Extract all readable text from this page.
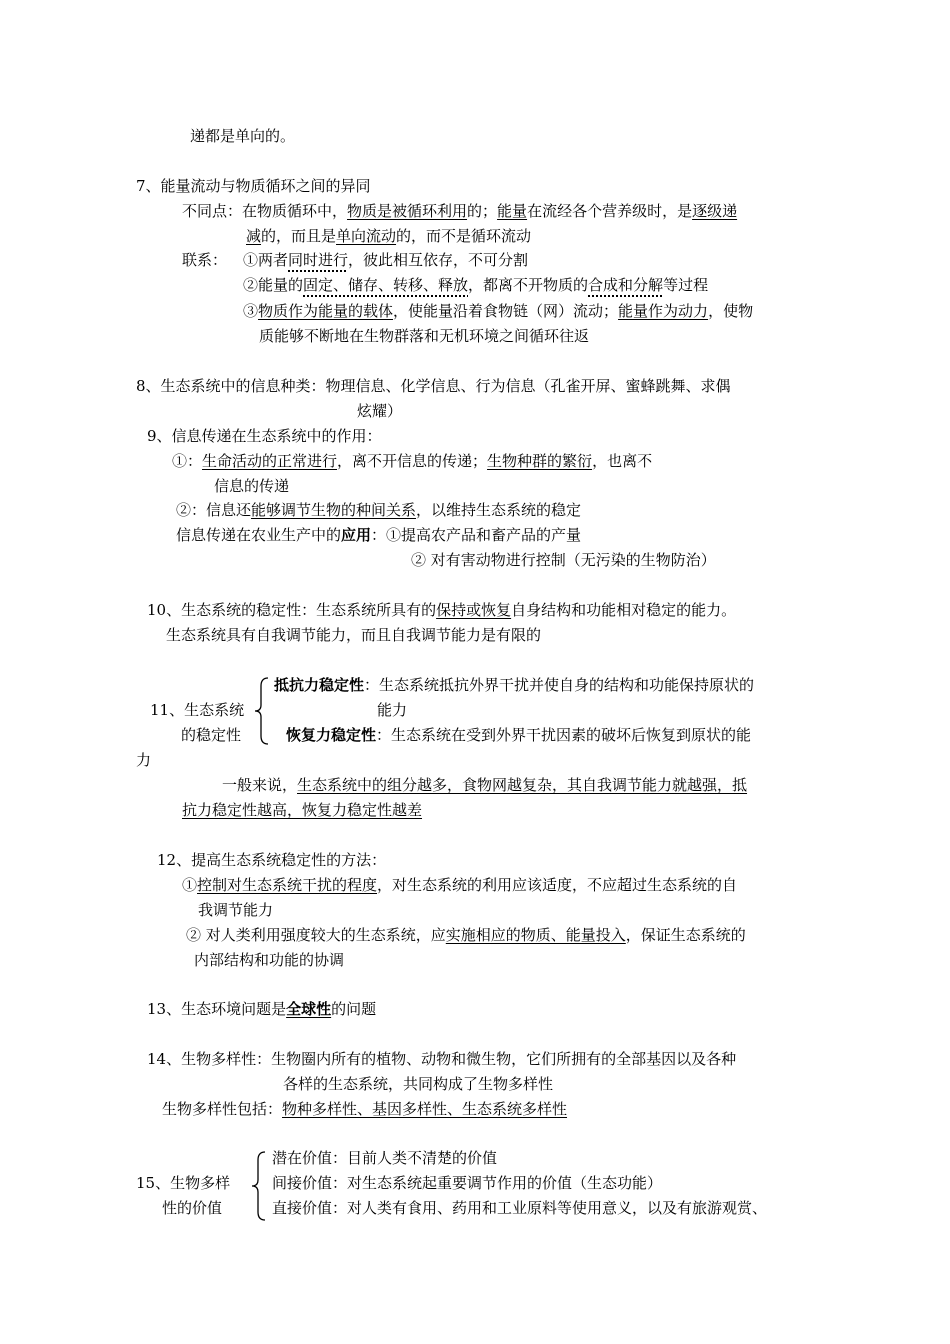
递都是单向的。
7、能量流动与物质循环之间的异同
不同点：在物质循环中，物质是被循环利用的；能量在流经各个营养级时，是逐级递
减的，而且是单向流动的，而不是循环流动
联系： ①两者同时进行，彼此相互依存，不可分割
②能量的固定、储存、转移、释放，都离不开物质的合成和分解等过程
③物质作为能量的载体，使能量沿着食物链（网）流动；能量作为动力，使物
质能够不断地在生物群落和无机环境之间循环往返
8、生态系统中的信息种类：物理信息、化学信息、行为信息（孔雀开屏、蜜蜂跳舞、求偶
炫耀）
9、信息传递在生态系统中的作用：
①：生命活动的正常进行，离不开信息的传递；生物种群的繁衍，也离不
信息的传递
②：信息还能够调节生物的种间关系，以维持生态系统的稳定
信息传递在农业生产中的应用：①提高农产品和畜产品的产量
② 对有害动物进行控制（无污染的生物防治）
10、生态系统的稳定性：生态系统所具有的保持或恢复自身结构和功能相对稳定的能力。
生态系统具有自我调节能力，而且自我调节能力是有限的
抵抗力稳定性：生态系统抵抗外界干扰并使自身的结构和功能保持原状的
能力
11、生态系统
的稳定性	恢复力稳定性：生态系统在受到外界干扰因素的破坏后恢复到原状的能
力
一般来说，生态系统中的组分越多，食物网越复杂，其自我调节能力就越强，抵
抗力稳定性越高，恢复力稳定性越差
12、提高生态系统稳定性的方法：
①控制对生态系统干扰的程度，对生态系统的利用应该适度，不应超过生态系统的自
我调节能力
② 对人类利用强度较大的生态系统，应实施相应的物质、能量投入，保证生态系统的
内部结构和功能的协调
13、生态环境问题是全球性的问题
14、生物多样性：生物圈内所有的植物、动物和微生物，它们所拥有的全部基因以及各种
各样的生态系统，共同构成了生物多样性
生物多样性包括：物种多样性、基因多样性、生态系统多样性
潜在价值：目前人类不清楚的价值
15、生物多样	间接价值：对生态系统起重要调节作用的价值（生态功能）
性的价值	直接价值：对人类有食用、药用和工业原料等使用意义，以及有旅游观赏、
